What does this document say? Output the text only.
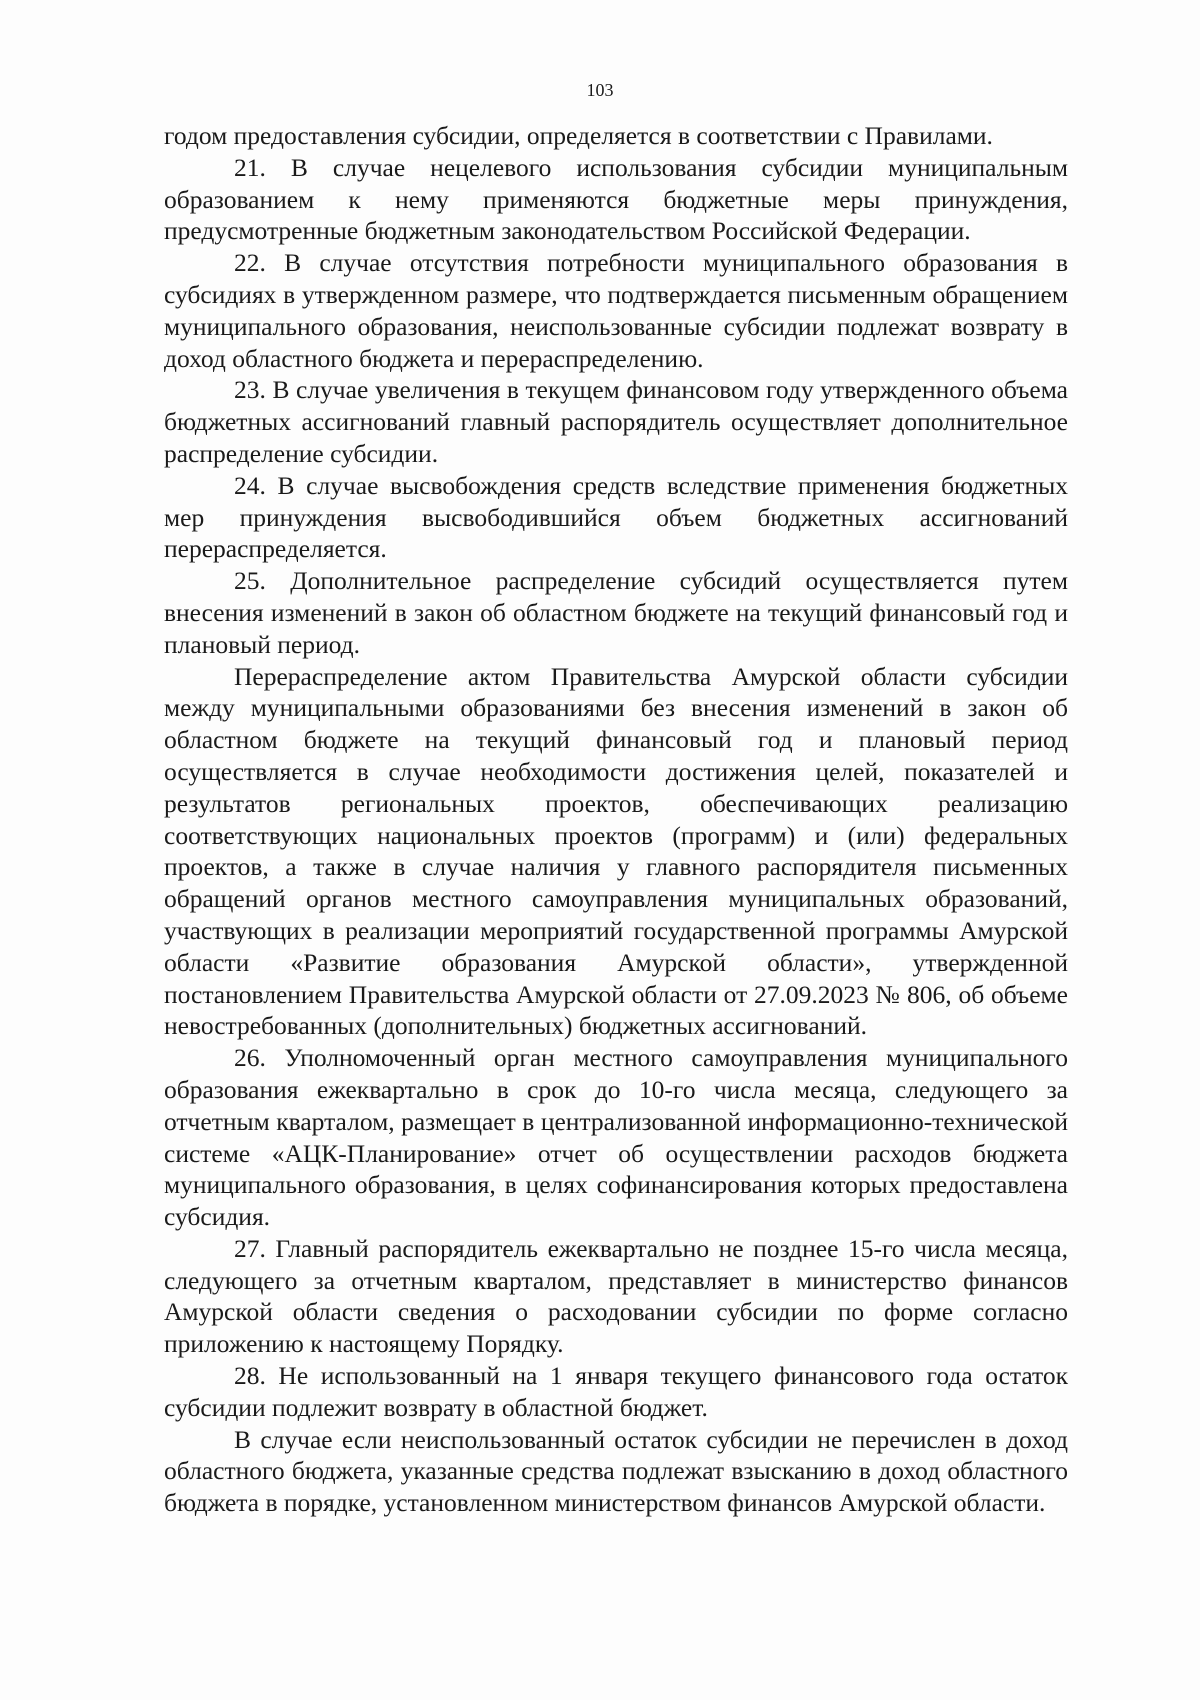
103

годом предоставления субсидии, определяется в соответствии с Правилами.

21. В случае нецелевого использования субсидии муниципальным образованием к нему применяются бюджетные меры принуждения, предусмотренные бюджетным законодательством Российской Федерации.

22. В случае отсутствия потребности муниципального образования в субсидиях в утвержденном размере, что подтверждается письменным обращением муниципального образования, неиспользованные субсидии подлежат возврату в доход областного бюджета и перераспределению.

23. В случае увеличения в текущем финансовом году утвержденного объема бюджетных ассигнований главный распорядитель осуществляет дополнительное распределение субсидии.

24. В случае высвобождения средств вследствие применения бюджетных мер принуждения высвободившийся объем бюджетных ассигнований перераспределяется.

25. Дополнительное распределение субсидий осуществляется путем внесения изменений в закон об областном бюджете на текущий финансовый год и плановый период.

Перераспределение актом Правительства Амурской области субсидии между муниципальными образованиями без внесения изменений в закон об областном бюджете на текущий финансовый год и плановый период осуществляется в случае необходимости достижения целей, показателей и результатов региональных проектов, обеспечивающих реализацию соответствующих национальных проектов (программ) и (или) федеральных проектов, а также в случае наличия у главного распорядителя письменных обращений органов местного самоуправления муниципальных образований, участвующих в реализации мероприятий государственной программы Амурской области «Развитие образования Амурской области», утвержденной постановлением Правительства Амурской области от 27.09.2023 № 806, об объеме невостребованных (дополнительных) бюджетных ассигнований.

26. Уполномоченный орган местного самоуправления муниципального образования ежеквартально в срок до 10-го числа месяца, следующего за отчетным кварталом, размещает в централизованной информационно-технической системе «АЦК-Планирование» отчет об осуществлении расходов бюджета муниципального образования, в целях софинансирования которых предоставлена субсидия.

27. Главный распорядитель ежеквартально не позднее 15-го числа месяца, следующего за отчетным кварталом, представляет в министерство финансов Амурской области сведения о расходовании субсидии по форме согласно приложению к настоящему Порядку.

28. Не использованный на 1 января текущего финансового года остаток субсидии подлежит возврату в областной бюджет.

В случае если неиспользованный остаток субсидии не перечислен в доход областного бюджета, указанные средства подлежат взысканию в доход областного бюджета в порядке, установленном министерством финансов Амурской области.
